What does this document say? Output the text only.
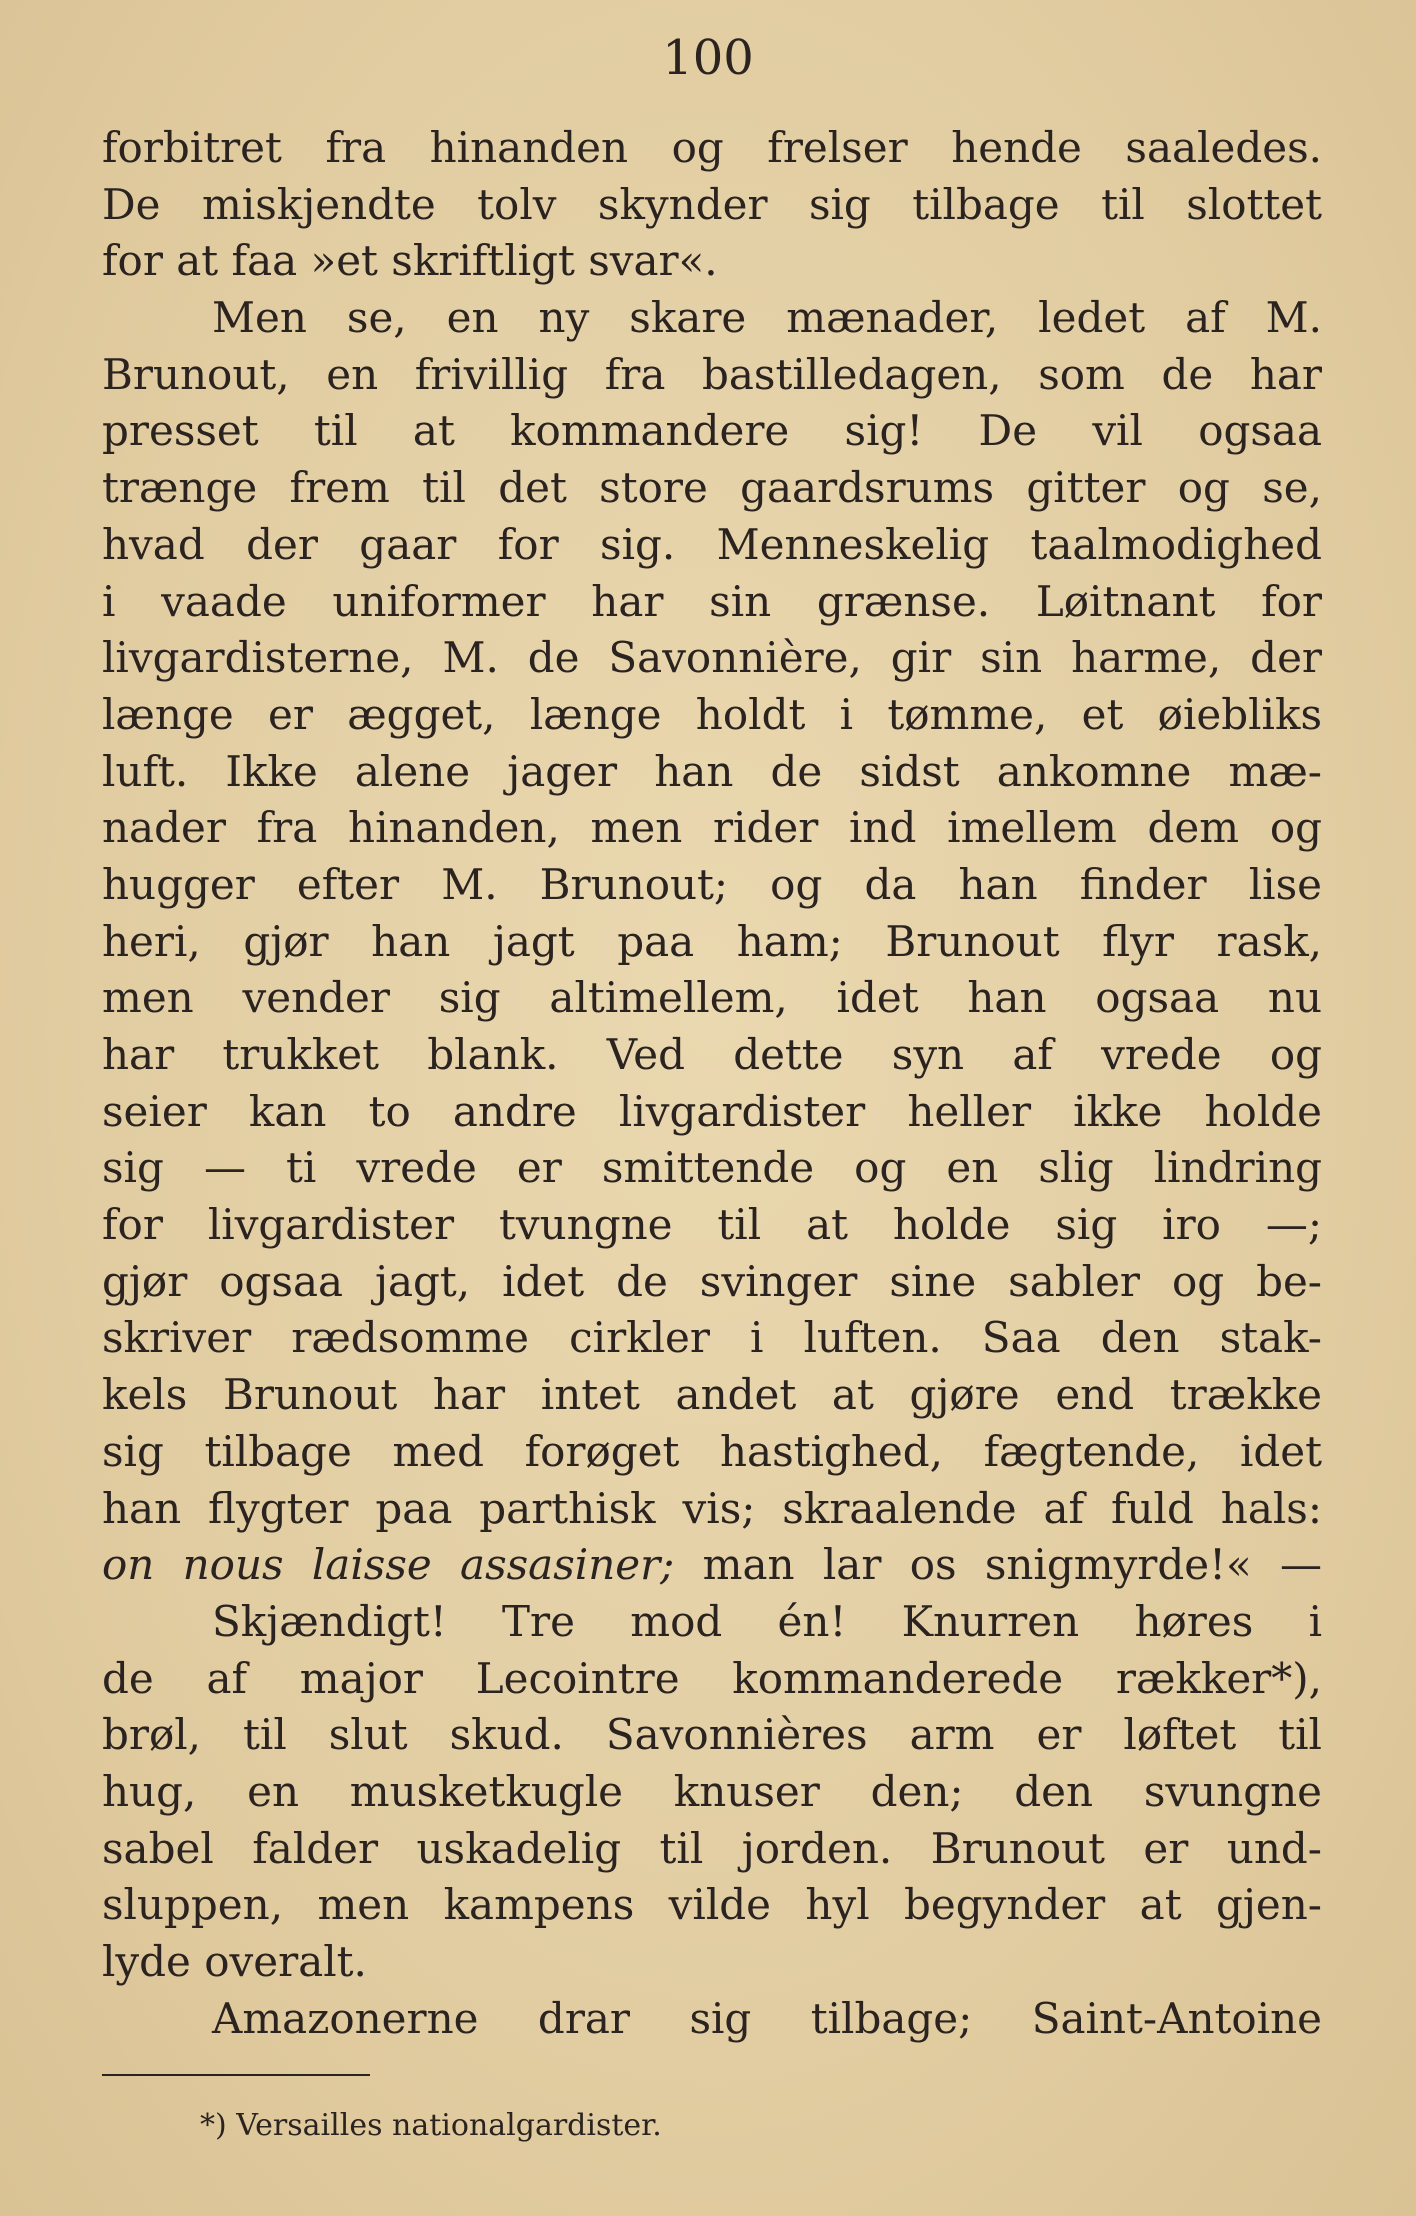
100
forbitret fra hinanden og frelser hende saaledes.
De miskjendte tolv skynder sig tilbage til slottet
for at faa »et skriftligt svar«.
Men se, en ny skare mænader, ledet af M.
Brunout, en frivillig fra bastilledagen, som de har
presset til at kommandere sig! De vil ogsaa
trænge frem til det store gaardsrums gitter og se,
hvad der gaar for sig. Menneskelig taalmodighed
i vaade uniformer har sin grænse. Løitnant for
livgardisterne, M. de Savonnière, gir sin harme, der
længe er ægget, længe holdt i tømme, et øiebliks
luft. Ikke alene jager han de sidst ankomne mæ-
nader fra hinanden, men rider ind imellem dem og
hugger efter M. Brunout; og da han finder lise
heri, gjør han jagt paa ham; Brunout flyr rask,
men vender sig altimellem, idet han ogsaa nu
har trukket blank. Ved dette syn af vrede og
seier kan to andre livgardister heller ikke holde
sig — ti vrede er smittende og en slig lindring
for livgardister tvungne til at holde sig iro —;
gjør ogsaa jagt, idet de svinger sine sabler og be-
skriver rædsomme cirkler i luften. Saa den stak-
kels Brunout har intet andet at gjøre end trække
sig tilbage med forøget hastighed, fægtende, idet
han flygter paa parthisk vis; skraalende af fuld hals:
on nous laisse assasiner; man lar os snigmyrde!« —
Skjændigt! Tre mod én! Knurren høres i
de af major Lecointre kommanderede rækker*),
brøl, til slut skud. Savonnières arm er løftet til
hug, en musketkugle knuser den; den svungne
sabel falder uskadelig til jorden. Brunout er und-
sluppen, men kampens vilde hyl begynder at gjen-
lyde overalt.
Amazonerne drar sig tilbage; Saint-Antoine
*) Versailles nationalgardister.
